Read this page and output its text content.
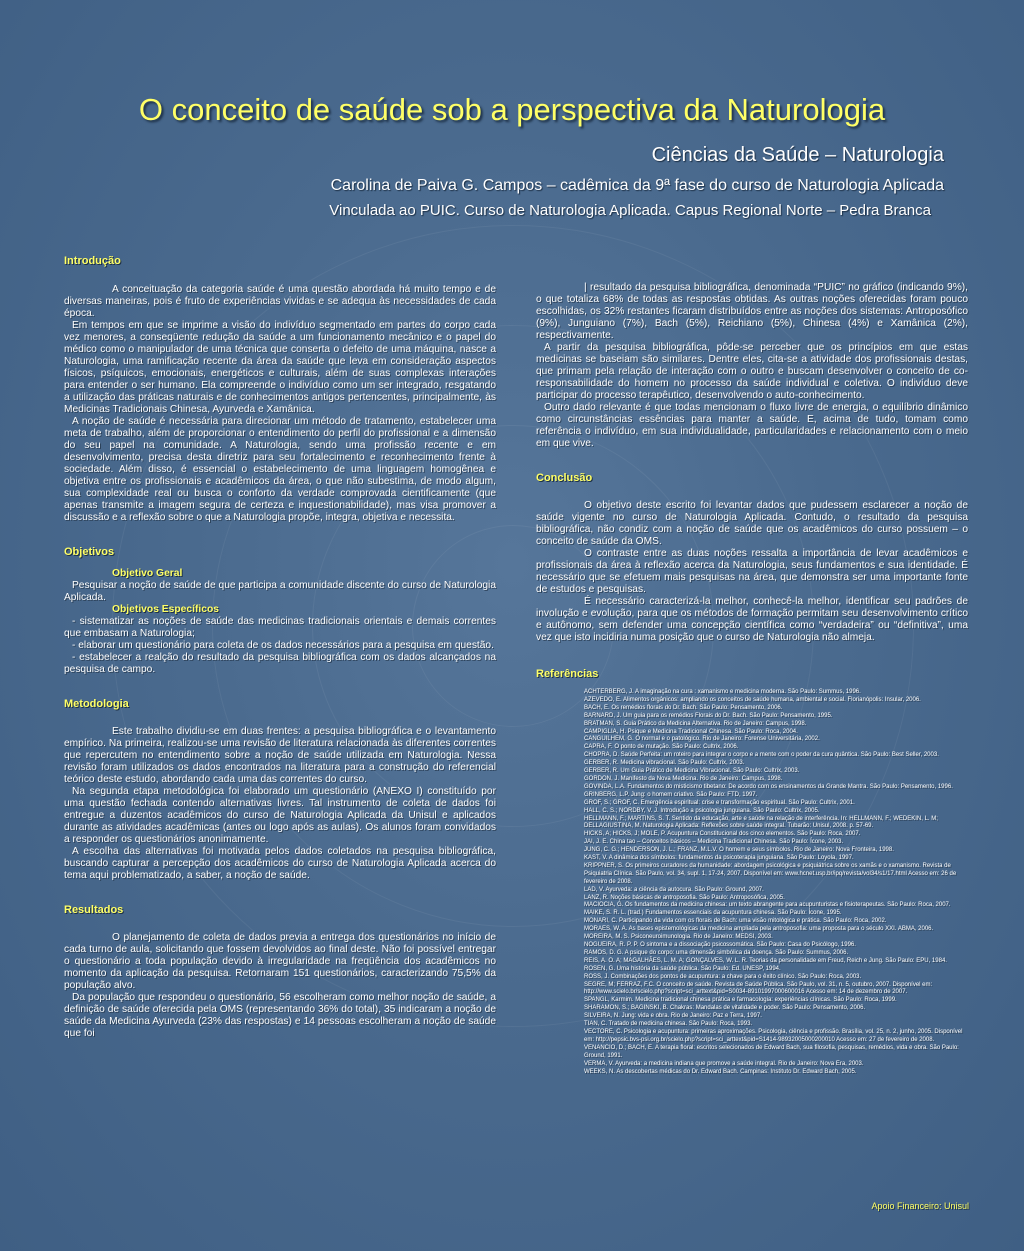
O conceito de saúde sob a perspectiva da Naturologia
Ciências da Saúde – Naturologia
Carolina de Paiva G. Campos – cadêmica da 9ª fase do curso de Naturologia Aplicada
Vinculada ao PUIC. Curso de Naturologia Aplicada. Capus Regional Norte – Pedra Branca
Introdução

A conceituação da categoria saúde é uma questão abordada há muito tempo e de diversas maneiras, pois é fruto de experiências vividas e se adequa às necessidades de cada época.

Em tempos em que se imprime a visão do indivíduo segmentado em partes do corpo cada vez menores, a conseqüente redução da saúde a um funcionamento mecânico e o papel do médico como o manipulador de uma técnica que conserta o defeito de uma máquina, nasce a Naturologia, uma ramificação recente da área da saúde que leva em consideração aspectos físicos, psíquicos, emocionais, energéticos e culturais, além de suas complexas interações para entender o ser humano. Ela compreende o indivíduo como um ser integrado, resgatando a utilização das práticas naturais e de conhecimentos antigos pertencentes, principalmente, às Medicinas Tradicionais Chinesa, Ayurveda e Xamânica.

A noção de saúde é necessária para direcionar um método de tratamento, estabelecer uma meta de trabalho, além de proporcionar o entendimento do perfil do profissional e a dimensão do seu papel na comunidade. A Naturologia, sendo uma profissão recente e em desenvolvimento, precisa desta diretriz para seu fortalecimento e reconhecimento frente à sociedade. Além disso, é essencial o estabelecimento de uma linguagem homogênea e objetiva entre os profissionais e acadêmicos da área, o que não subestima, de modo algum, sua complexidade real ou busca o conforto da verdade comprovada cientificamente (que apenas transmite a imagem segura de certeza e inquestionabilidade), mas visa promover a discussão e a reflexão sobre o que a Naturologia propõe, integra, objetiva e necessita.

Objetivos
Objetivo Geral

Pesquisar a noção de saúde de que participa a comunidade discente do curso de Naturologia Aplicada.

Objetivos Específicos

- sistematizar as noções de saúde das medicinas tradicionais orientais e demais correntes que embasam a Naturologia;

- elaborar um questionário para coleta de os dados necessários para a pesquisa em questão.

- estabelecer a realção do resultado da pesquisa bibliográfica com os dados alcançados na pesquisa de campo.

Metodologia

Este trabalho dividiu-se em duas frentes: a pesquisa bibliográfica e o levantamento empírico. Na primeira, realizou-se uma revisão de literatura relacionada às diferentes correntes que repercutem no entendimento sobre a noção de saúde utilizada em Naturologia. Nessa revisão foram utilizados os dados encontrados na literatura para a construção do referencial teórico deste estudo, abordando cada uma das correntes do curso.

Na segunda etapa metodológica foi elaborado um questionário (ANEXO I) constituído por uma questão fechada contendo alternativas livres. Tal instrumento de coleta de dados foi entregue a duzentos acadêmicos do curso de Naturologia Aplicada da Unisul e aplicados durante as atividades acadêmicas (antes ou logo após as aulas). Os alunos foram convidados a responder os questionários anonimamente.

A escolha das alternativas foi motivada pelos dados coletados na pesquisa bibliográfica, buscando capturar a percepção dos acadêmicos do curso de Naturologia Aplicada acerca do tema aqui problematizado, a saber, a noção de saúde.

Resultados

O planejamento de coleta de dados previa a entrega dos questionários no início de cada turno de aula, solicitando que fossem devolvidos ao final deste. Não foi possível entregar o questionário a toda população devido à irregularidade na freqüência dos acadêmicos no momento da aplicação da pesquisa. Retornaram 151 questionários, caracterizando 75,5% da população alvo.

Da população que respondeu o questionário, 56 escolheram como melhor noção de saúde, a definição de saúde oferecida pela OMS (representando 36% do total), 35 indicaram a noção de saúde da Medicina Ayurveda (23% das respostas) e 14 pessoas escolheram a noção de saúde que foi

| resultado da pesquisa bibliográfica, denominada “PUIC” no gráfico (indicando 9%), o que totaliza 68% de todas as respostas obtidas. As outras noções oferecidas foram pouco escolhidas, os 32% restantes ficaram distribuídos entre as noções dos sistemas: Antroposófico (9%), Junguiano (7%), Bach (5%), Reichiano (5%), Chinesa (4%) e Xamânica (2%), respectivamente.

A partir da pesquisa bibliográfica, pôde-se perceber que os princípios em que estas medicinas se baseiam são similares. Dentre eles, cita-se a atividade dos profissionais destas, que primam pela relação de interação com o outro e buscam desenvolver o conceito de co-responsabilidade do homem no processo da saúde individual e coletiva. O indivíduo deve participar do processo terapêutico, desenvolvendo o auto-conhecimento.

Outro dado relevante é que todas mencionam o fluxo livre de energia, o equilíbrio dinâmico como circunstâncias essências para manter a saúde. E, acima de tudo, tomam como referência o indivíduo, em sua individualidade, particularidades e relacionamento com o meio em que vive.

Conclusão

O objetivo deste escrito foi levantar dados que pudessem esclarecer a noção de saúde vigente no curso de Naturologia Aplicada. Contudo, o resultado da pesquisa bibliográfica, não condiz com a noção de saúde que os acadêmicos do curso possuem – o conceito de saúde da OMS.

O contraste entre as duas noções ressalta a importância de levar acadêmicos e profissionais da área à reflexão acerca da Naturologia, seus fundamentos e sua identidade. É necessário que se efetuem mais pesquisas na área, que demonstra ser uma importante fonte de estudos e pesquisas.

É necessário caracterizá-la melhor, conhecê-la melhor, identificar seu padrões de involução e evolução, para que os métodos de formação permitam seu desenvolvimento crítico e autônomo, sem defender uma concepção científica como “verdadeira” ou “definitiva”, uma vez que isto incidiria numa posição que o curso de Naturologia não almeja.

Referências
ACHTERBERG, J. A imaginação na cura : xamanismo e medicina moderna. São Paulo: Summus, 1996.
AZEVEDO, E. Alimentos orgânicos: ampliando os conceitos de saúde humana, ambiental e social. Florianópolis: Insular, 2006.
BACH, E. Os remédios florais do Dr. Bach. São Paulo: Pensamento, 2006.
BARNARD, J. Um guia para os remédios Florais do Dr. Bach. São Paulo: Pensamento, 1995.
BRATMAN, S. Guia Prático da Medicina Alternativa. Rio de Janeiro: Campus, 1998.
CAMPIGLIA, H. Psique e Medicina Tradicional Chinesa. São Paulo: Roca, 2004.
CANGUILHEM, G. O normal e o patológico. Rio de Janeiro: Forense Universitária, 2002.
CAPRA, F. O ponto de mutação. São Paulo: Cultrix, 2006.
CHOPRA, D. Saúde Perfeita: um roteiro para integrar o corpo e a mente com o poder da cura quântica. São Paulo: Best Seller, 2003.
GERBER, R. Medicina vibracional. São Paulo: Cultrix, 2003.
GERBER, R. Um Guia Prático de Medicina Vibracional. São Paulo: Cultrix, 2003.
GORDON, J. Manifesto da Nova Medicina. Rio de Janeiro: Campus, 1998.
GOVINDA, L.A. Fundamentos do misticismo tibetano: De acordo com os ensinamentos da Grande Mantra. São Paulo: Pensamento, 1996.
GRINBERG, L.P. Jung: o homem criativo. São Paulo: FTD, 1997.
GROF, S.; GROF, C. Emergência espiritual: crise e transformação espiritual. São Paulo: Cultrix, 2001.
HALL, C. S.; NORDBY, V. J. Introdução a psicologia junguiana. São Paulo: Cultrix, 2005.
HELLMANN, F.; MARTINS, S. T. Sentido da educação, arte e saúde na relação de interferência. In: HELLMANN, F.; WEDEKIN, L. M; DELLAGIUSTINA, M. Naturologia Aplicada: Reflexões sobre saúde integral. Tubarão: Unisul, 2008. p. 57-69.
HICKS, A; HICKS, J; MOLE, P. Acupuntura Constitucional dos cinco elementos. São Paulo: Roca, 2007.
JAI, J. E. China tao – Conceitos básicos – Medicina Tradicional Chinesa. São Paulo: Ícone, 2003.
JUNG, C. G.; HENDERSON, J. L.; FRANZ, M.L.V. O homem e seus símbolos. Rio de Janeiro: Nova Fronteira, 1998.
KAST, V. A dinâmica dos símbolos: fundamentos da psicoterapia junguiana. São Paulo: Loyola, 1997.
KRIPPNER, S. Os primeiros curadores da humanidade: abordagem psicológica e psiquiátrica sobre os xamãs e o xamanismo. Revista de Psiquiatria Clínica. São Paulo, vol. 34, supl. 1, 17-24, 2007. Disponível em: www.hcnet.usp.br/ipq/revista/vol34/s1/17.html Acesso em: 26 de fevereiro de 2008.
LAD, V. Ayurveda: a ciência da autocura. São Paulo: Ground, 2007.
LANZ, R. Noções básicas de antroposofia. São Paulo: Antroposófica, 2005.
MACIOCIA, G. Os fundamentos da medicina chinesa: um texto abrangente para acupunturistas e fisioterapeutas. São Paulo: Roca, 2007.
MAIKE, S. R. L. (trad.) Fundamentos essenciais da acupuntura chinesa. São Paulo: Ícone, 1995.
MONARI, C. Participando da vida com os florais de Bach: uma visão mitológica e prática. São Paulo: Roca, 2002.
MORAES, W. A. As bases epistemológicas da medicina ampliada pela antroposofia: uma proposta para o século XXI. ABMA, 2006.
MOREIRA, M. S. Psiconeuroimunologia. Rio de Janeiro: MEDSI, 2003.
NOGUEIRA, R. P. P. O sintoma e a dissociação psicossomática. São Paulo: Casa do Psicólogo, 1996.
RAMOS, D. G. A psique do corpo: uma dimensão simbólica da doença. São Paulo: Summus, 2006.
REIS, A. O. A; MAGALHÃES, L. M. A; GONÇALVES, W. L. R. Teorias da personalidade em Freud, Reich e Jung. São Paulo: EPU, 1984.
ROSEN, G. Uma história da saúde pública. São Paulo: Ed. UNESP, 1994.
ROSS, J. Combinações dos pontos de acupuntura: a chave para o êxito clínico. São Paulo: Roca, 2003.
SEGRE, M; FERRAZ, F.C. O conceito de saúde. Revista de Saúde Pública. São Paulo, vol. 31, n. 5, outubro, 2007. Disponível em: http://www.scielo.br/scielo.php?script=sci_arttext&pid=S0034-89101997000600016 Acesso em: 14 de dezembro de 2007.
SPANGL, Karmim. Medicina tradicional chinesa prática e farmacologia: experiências clínicas. São Paulo: Roca, 1999.
SHARAMON, S.; BAGINSKI, B. Chakras: Mandalas de vitalidade e poder. São Paulo: Pensamento, 2006.
SILVEIRA, N. Jung: vida e obra. Rio de Janeiro: Paz e Terra, 1997.
TIAN, C. Tratado de medicina chinesa. São Paulo: Roca, 1993.
VECTORE, C. Psicologia e acupuntura: primeiras aproximações. Psicologia, ciência e profissão. Brasília, vol. 25, n. 2, junho, 2005. Disponível em: http://pepsic.bvs-psi.org.br/scielo.php?script=sci_arttext&pid=S1414-98932005000200010 Acesso em: 27 de fevereiro de 2008.
VENANCIO, D.; BACH, E. A terapia floral: escritos selecionados de Edward Bach, sua filosofia, pesquisas, remédios, vida e obra. São Paulo: Ground, 1991.
VERMA, V. Ayurveda: a medicina indiana que promove a saúde integral. Rio de Janeiro: Nova Era, 2003.
WEEKS, N. As descobertas médicas do Dr. Edward Bach. Campinas: Instituto Dr. Edward Bach, 2005.
Apoio Financeiro: Unisul
